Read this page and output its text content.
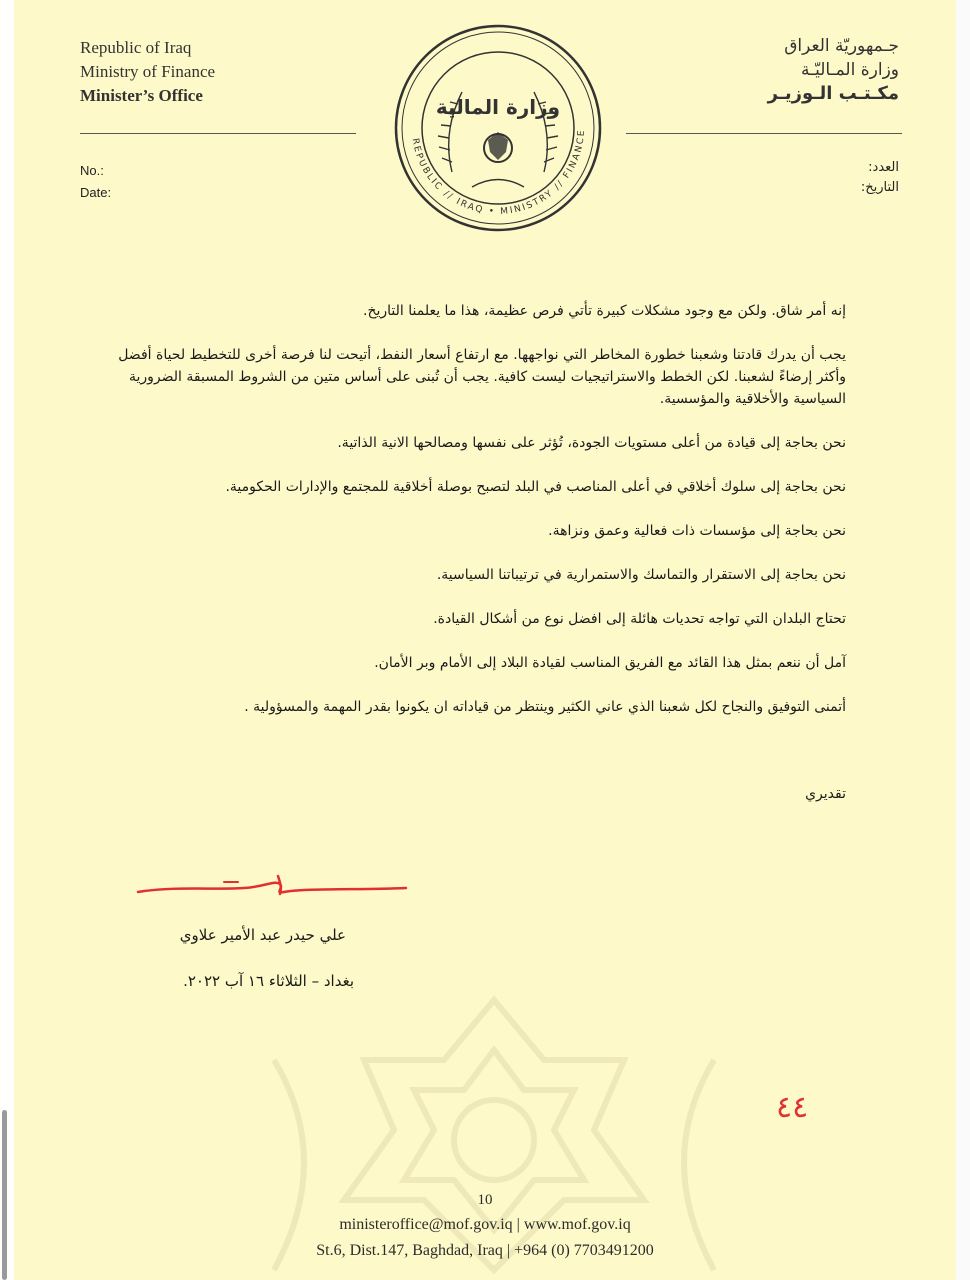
Republic of Iraq
Ministry of Finance
Minister’s Office
جـمهوريّة العراق
وزارة المـاليّـة
مكـتـب الـوزيـر
REPUBLIC // IRAQ • MINISTRY // FINANCE
وزارة المالية
No.:
Date:
العدد:
التاريخ:

إنه أمر شاق. ولكن مع وجود مشكلات كبيرة تأتي فرص عظيمة، هذا ما يعلمنا التاريخ.

يجب أن يدرك قادتنا وشعبنا خطورة المخاطر التي نواجهها. مع ارتفاع أسعار النفط، أتيحت لنا فرصة أخرى للتخطيط لحياة أفضل وأكثر إرضاءً لشعبنا. لكن الخطط والاستراتيجيات ليست كافية. يجب أن تُبنى على أساس متين من الشروط المسبقة الضرورية السياسية والأخلاقية والمؤسسية.

نحن بحاجة إلى قيادة من أعلى مستويات الجودة، تُؤثر على نفسها ومصالحها الانية الذاتية.

نحن بحاجة إلى سلوك أخلاقي في أعلى المناصب في البلد لتصبح بوصلة أخلاقية للمجتمع والإدارات الحكومية.

نحن بحاجة إلى مؤسسات ذات فعالية وعمق ونزاهة.

نحن بحاجة إلى الاستقرار والتماسك والاستمرارية في ترتيباتنا السياسية.

تحتاج البلدان التي تواجه تحديات هائلة إلى افضل نوع من أشكال القيادة.

آمل أن ننعم بمثل هذا القائد مع الفريق المناسب لقيادة البلاد إلى الأمام وبر الأمان.

أتمنى التوفيق والنجاح لكل شعبنا الذي عاني الكثير وينتظر من قياداته ان يكونوا بقدر المهمة والمسؤولية .

تقديري
علي حيدر عبد الأمير علاوي
بغداد – الثلاثاء ١٦ آب ٢٠٢٢.
٤٤
10
ministeroffice@mof.gov.iq | www.mof.gov.iq
St.6, Dist.147, Baghdad, Iraq | +964 (0) 7703491200
